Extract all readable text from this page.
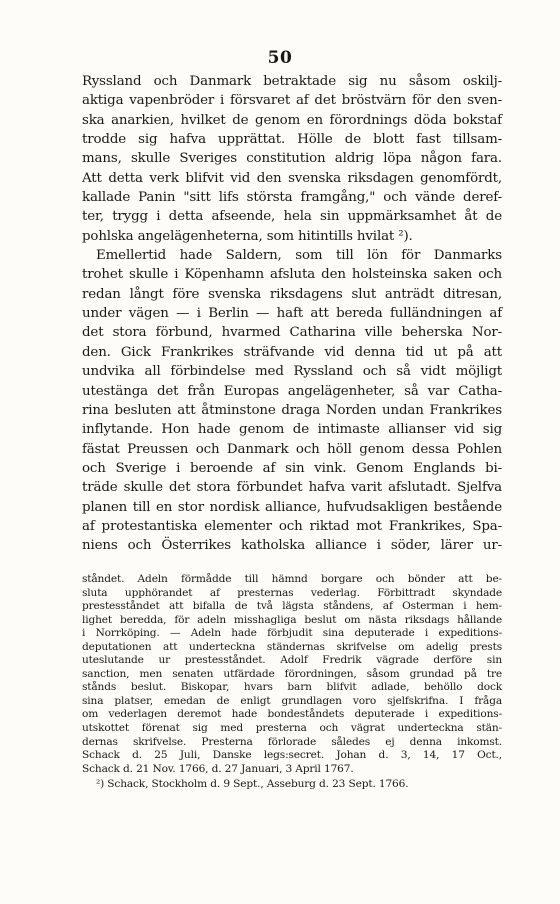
50
Ryssland och Danmark betraktade sig nu såsom oskilj-
aktiga vapenbröder i försvaret af det bröstvärn för den sven-
ska anarkien, hvilket de genom en förordnings döda bokstaf
trodde sig hafva upprättat. Hölle de blott fast tillsam-
mans, skulle Sveriges constitution aldrig löpa någon fara.
Att detta verk blifvit vid den svenska riksdagen genomfördt,
kallade Panin "sitt lifs största framgång," och vände deref-
ter, trygg i detta afseende, hela sin uppmärksamhet åt de
pohlska angelägenheterna, som hitintills hvilat ²).
Emellertid hade Saldern, som till lön för Danmarks
trohet skulle i Köpenhamn afsluta den holsteinska saken och
redan långt före svenska riksdagens slut anträdt ditresan,
under vägen — i Berlin — haft att bereda fulländningen af
det stora förbund, hvarmed Catharina ville beherska Nor-
den. Gick Frankrikes sträfvande vid denna tid ut på att
undvika all förbindelse med Ryssland och så vidt möjligt
utestänga det från Europas angelägenheter, så var Catha-
rina besluten att åtminstone draga Norden undan Frankrikes
inflytande. Hon hade genom de intimaste allianser vid sig
fästat Preussen och Danmark och höll genom dessa Pohlen
och Sverige i beroende af sin vink. Genom Englands bi-
träde skulle det stora förbundet hafva varit afslutadt. Sjelfva
planen till en stor nordisk alliance, hufvudsakligen bestående
af protestantiska elementer och riktad mot Frankrikes, Spa-
niens och Österrikes katholska alliance i söder, lärer ur-
ståndet. Adeln förmådde till hämnd borgare och bönder att be-
sluta upphörandet af presternas vederlag. Förbittradt skyndade
prestesståndet att bifalla de två lägsta ståndens, af Osterman i hem-
lighet beredda, för adeln misshagliga beslut om nästa riksdags hållande
i Norrköping. — Adeln hade förbjudit sina deputerade i expeditions-
deputationen att underteckna ständernas skrifvelse om adelig prests
uteslutande ur prestesståndet. Adolf Fredrik vägrade derföre sin
sanction, men senaten utfärdade förordningen, såsom grundad på tre
stånds beslut. Biskopar, hvars barn blifvit adlade, behöllo dock
sina platser, emedan de enligt grundlagen voro sjelfskrifna. I fråga
om vederlagen deremot hade bondeståndets deputerade i expeditions-
utskottet förenat sig med presterna och vägrat underteckna stän-
dernas skrifvelse. Presterna förlorade således ej denna inkomst.
Schack d. 25 Juli, Danske legs:secret. Johan d. 3, 14, 17 Oct.,
Schack d. 21 Nov. 1766, d. 27 Januari, 3 April 1767.
²) Schack, Stockholm d. 9 Sept., Asseburg d. 23 Sept. 1766.
